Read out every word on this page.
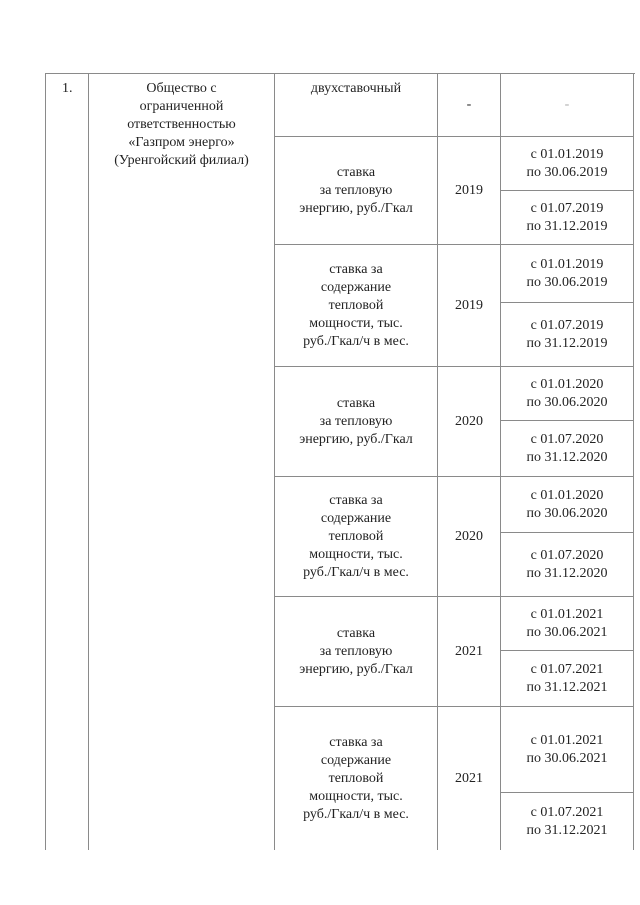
1.	Общество с
ограниченной
ответственностью
«Газпром энерго»
(Уренгойский филиал)
двухставочный
-	-
ставка
за тепловую
энергию, руб./Гкал
2019
с 01.01.2019
по 30.06.2019
с 01.07.2019
по 31.12.2019
ставка за
содержание
тепловой
мощности, тыс.
руб./Гкал/ч в мес.
2019
с 01.01.2019
по 30.06.2019
с 01.07.2019
по 31.12.2019
ставка
за тепловую
энергию, руб./Гкал
2020
с 01.01.2020
по 30.06.2020
с 01.07.2020
по 31.12.2020
ставка за
содержание
тепловой
мощности, тыс.
руб./Гкал/ч в мес.
2020
с 01.01.2020
по 30.06.2020
с 01.07.2020
по 31.12.2020
ставка
за тепловую
энергию, руб./Гкал
2021
с 01.01.2021
по 30.06.2021
с 01.07.2021
по 31.12.2021
ставка за
содержание
тепловой
мощности, тыс.
руб./Гкал/ч в мес.
2021
с 01.01.2021
по 30.06.2021
с 01.07.2021
по 31.12.2021
